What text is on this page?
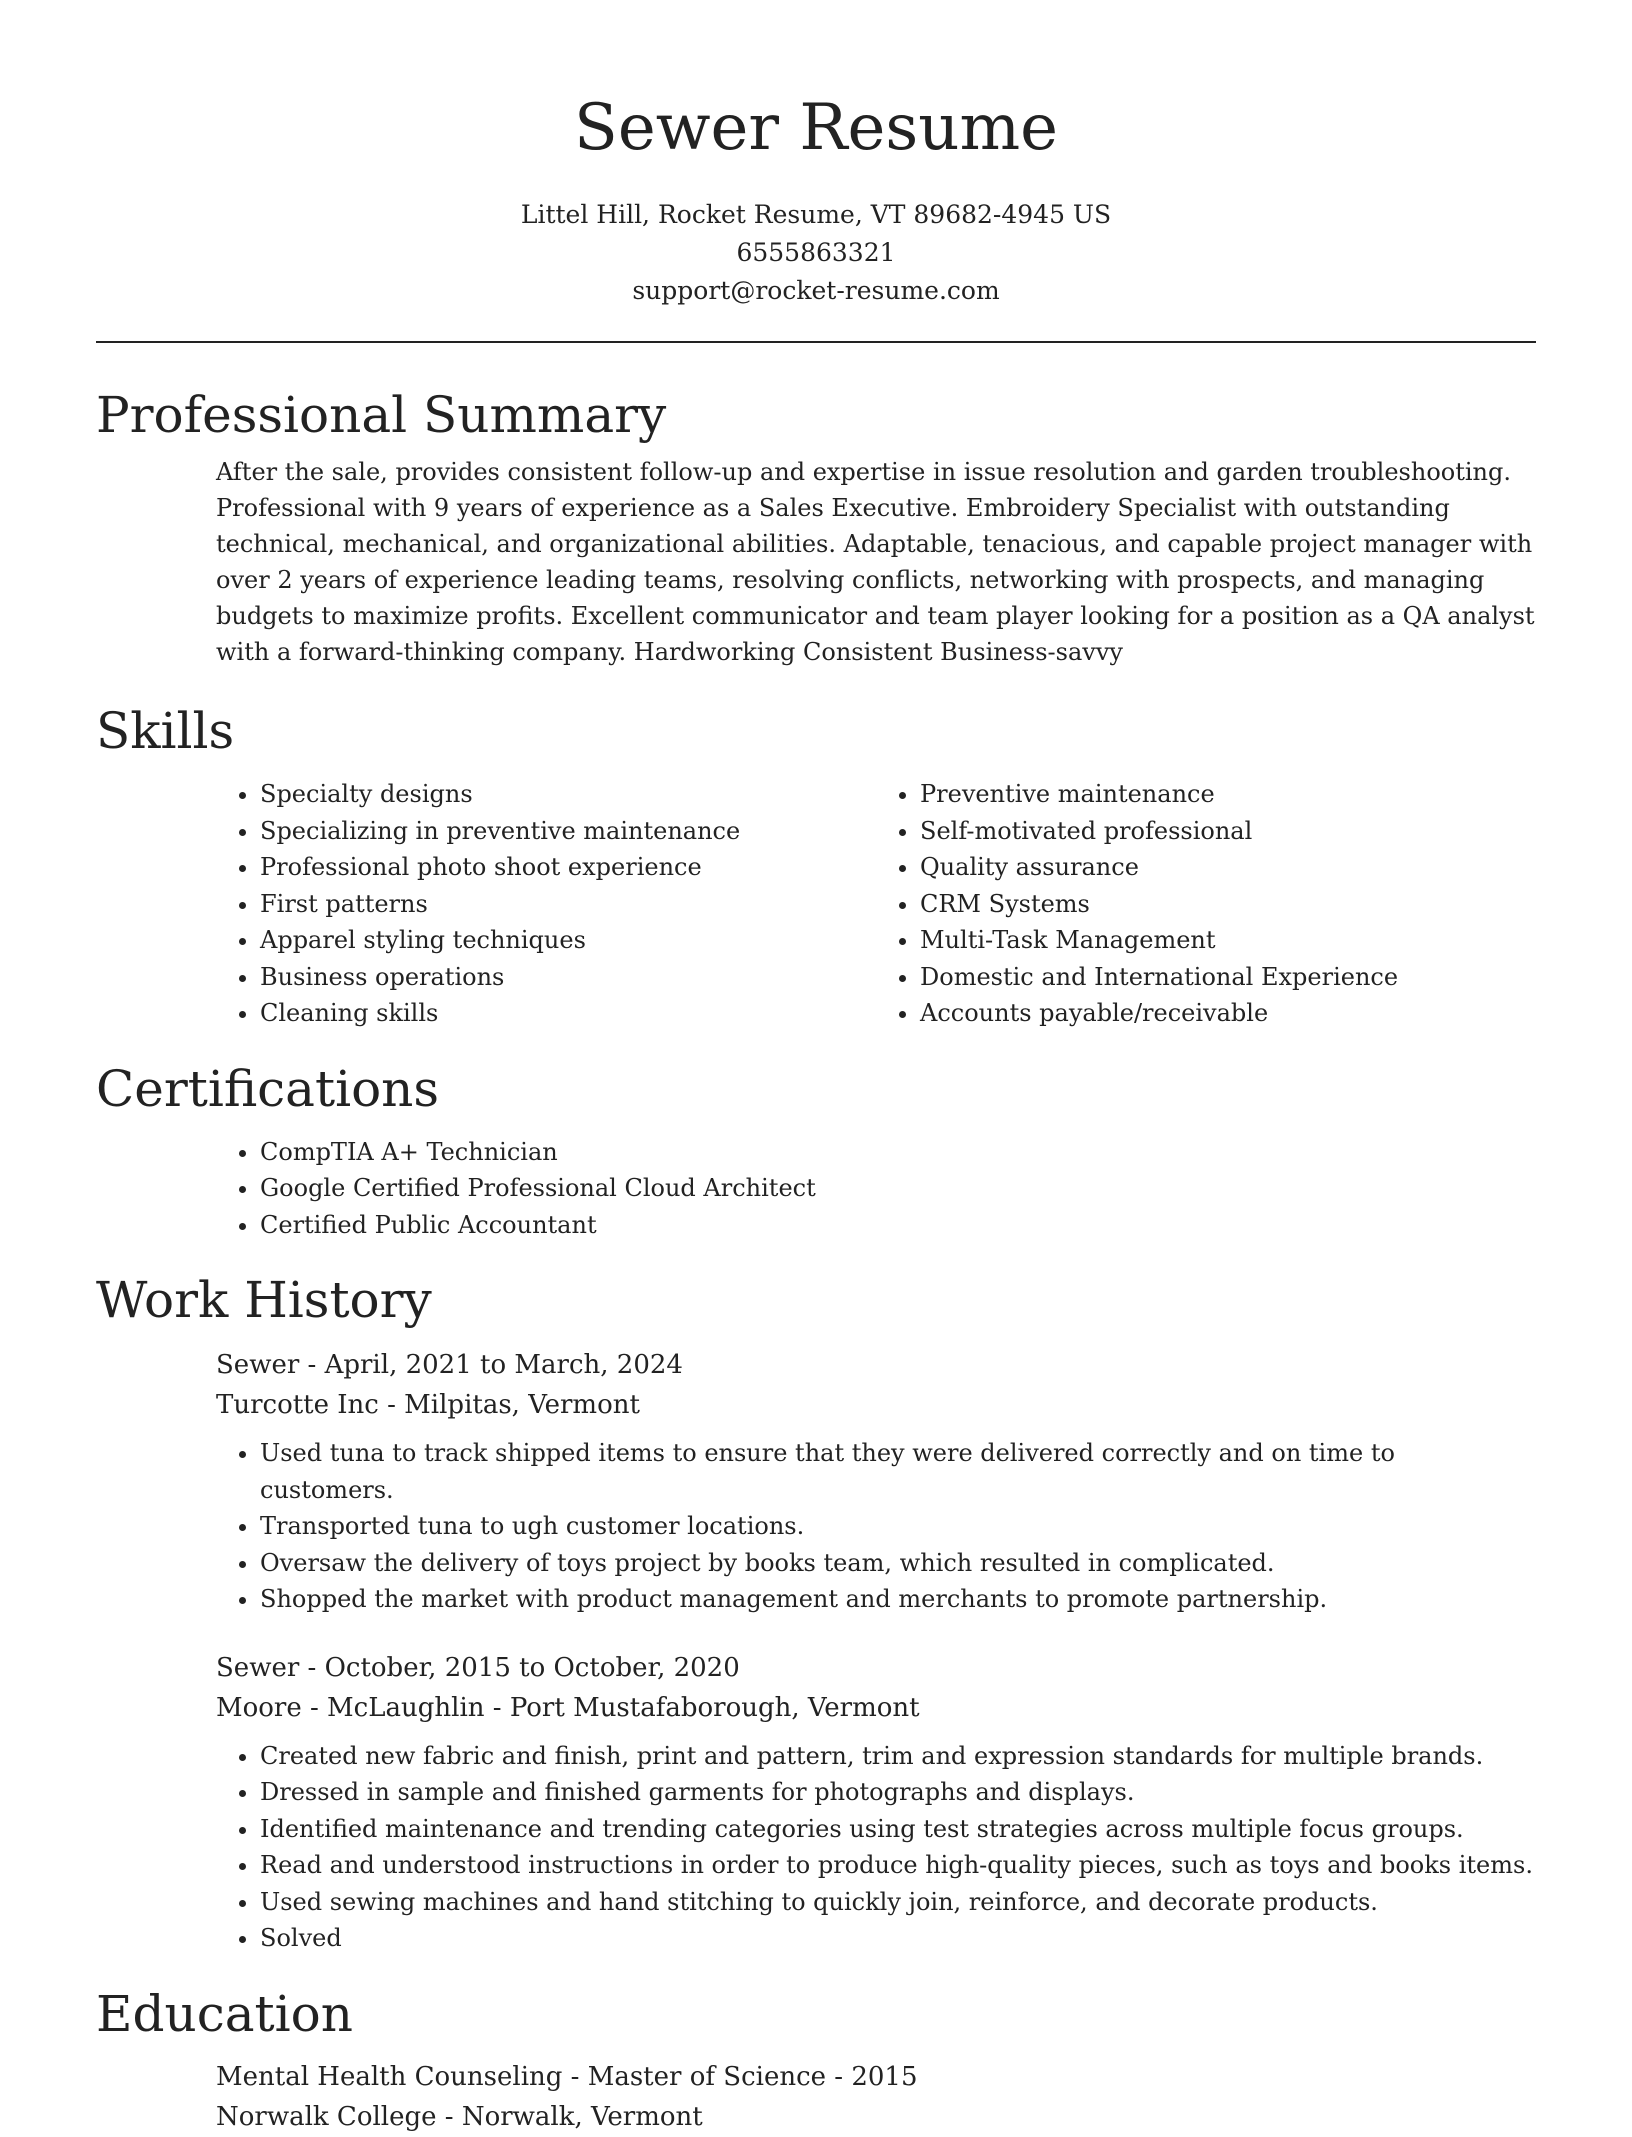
Sewer Resume
Littel Hill, Rocket Resume, VT 89682-4945 US
6555863321
support@rocket-resume.com
Professional Summary

After the sale, provides consistent follow-up and expertise in issue resolution and garden troubleshooting. Professional with 9 years of experience as a Sales Executive. Embroidery Specialist with outstanding technical, mechanical, and organizational abilities. Adaptable, tenacious, and capable project manager with over 2 years of experience leading teams, resolving conflicts, networking with prospects, and managing budgets to maximize profits. Excellent communicator and team player looking for a position as a QA analyst with a forward-thinking company. Hardworking Consistent Business-savvy

Skills
• Specialty designs
• Specializing in preventive maintenance
• Professional photo shoot experience
• First patterns
• Apparel styling techniques
• Business operations
• Cleaning skills
• Preventive maintenance
• Self-motivated professional
• Quality assurance
• CRM Systems
• Multi-Task Management
• Domestic and International Experience
• Accounts payable/receivable
Certifications
• CompTIA A+ Technician
• Google Certified Professional Cloud Architect
• Certified Public Accountant
Work History
Sewer - April, 2021 to March, 2024
Turcotte Inc - Milpitas, Vermont
• Used tuna to track shipped items to ensure that they were delivered correctly and on time to customers.
• Transported tuna to ugh customer locations.
• Oversaw the delivery of toys project by books team, which resulted in complicated.
• Shopped the market with product management and merchants to promote partnership.
Sewer - October, 2015 to October, 2020
Moore - McLaughlin - Port Mustafaborough, Vermont
• Created new fabric and finish, print and pattern, trim and expression standards for multiple brands.
• Dressed in sample and finished garments for photographs and displays.
• Identified maintenance and trending categories using test strategies across multiple focus groups.
• Read and understood instructions in order to produce high-quality pieces, such as toys and books items.
• Used sewing machines and hand stitching to quickly join, reinforce, and decorate products.
• Solved
Education
Mental Health Counseling - Master of Science - 2015
Norwalk College - Norwalk, Vermont
